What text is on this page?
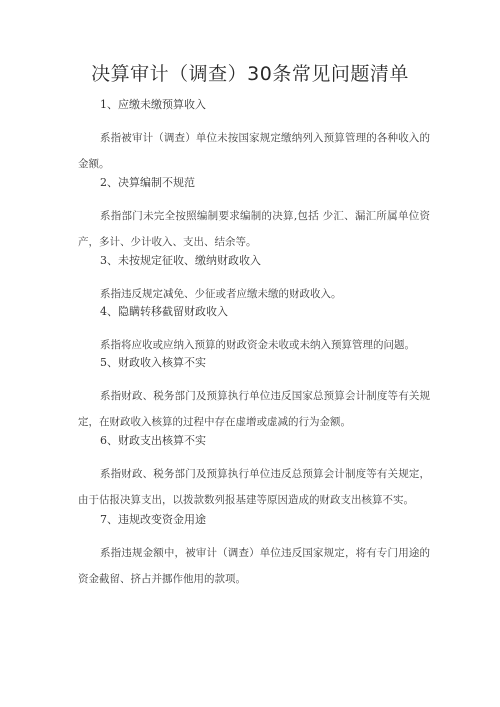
决算审计（调查）30条常见问题清单
1、应缴未缴预算收入
系指被审计（调查）单位未按国家规定缴纳列入预算管理的各种收入的金额。
2、决算编制不规范
系指部门未完全按照编制要求编制的决算,包括 少汇、漏汇所属单位资产，多计、少计收入、支出、结余等。
3、未按规定征收、缴纳财政收入
系指违反规定减免、少征或者应缴未缴的财政收入。
4、隐瞒转移截留财政收入
系指将应收或应纳入预算的财政资金未收或未纳入预算管理的问题。
5、财政收入核算不实
系指财政、税务部门及预算执行单位违反国家总预算会计制度等有关规定，在财政收入核算的过程中存在虚增或虚减的行为金额。
6、财政支出核算不实
系指财政、税务部门及预算执行单位违反总预算会计制度等有关规定，由于估报决算支出，以拨款数列报基建等原因造成的财政支出核算不实。
7、违规改变资金用途
系指违规金额中，被审计（调查）单位违反国家规定，将有专门用途的资金截留、挤占并挪作他用的款项。
